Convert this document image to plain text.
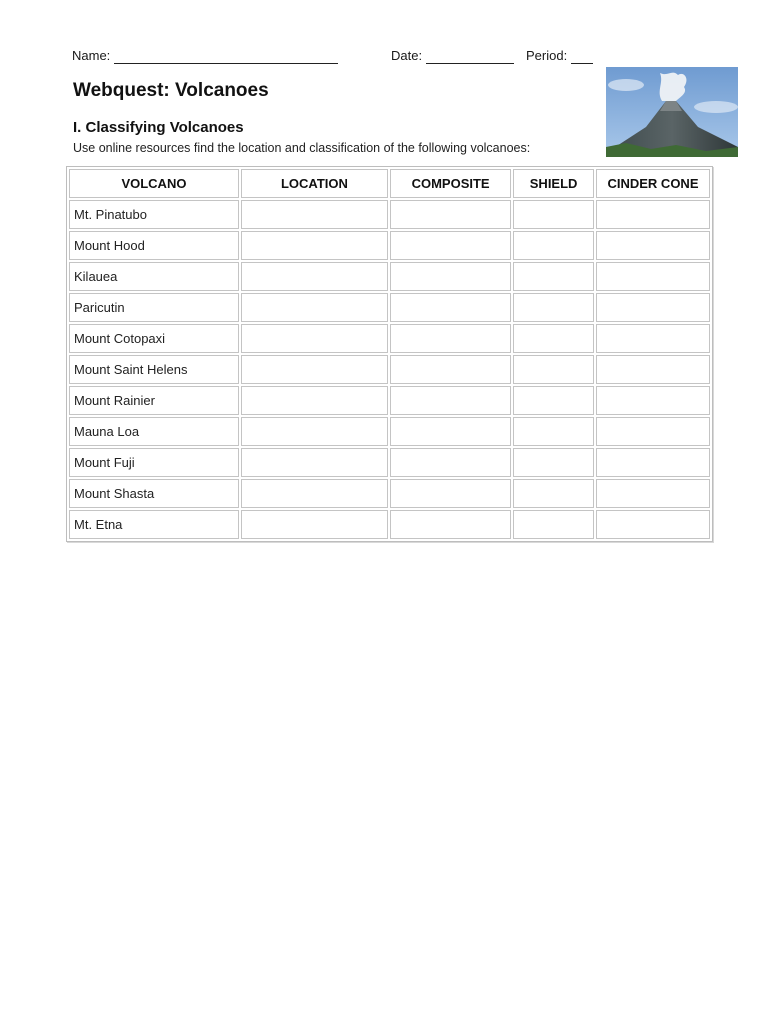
Name:	Date:	Period:
Webquest: Volcanoes
I. Classifying Volcanoes
Use online resources find the location and classification of the following volcanoes:
VOLCANO	LOCATION	COMPOSITE	SHIELD	CINDER CONE
Mt. Pinatubo				
Mount Hood				
Kilauea				
Paricutin				
Mount Cotopaxi				
Mount Saint Helens				
Mount Rainier				
Mauna Loa				
Mount Fuji				
Mount Shasta				
Mt. Etna				
